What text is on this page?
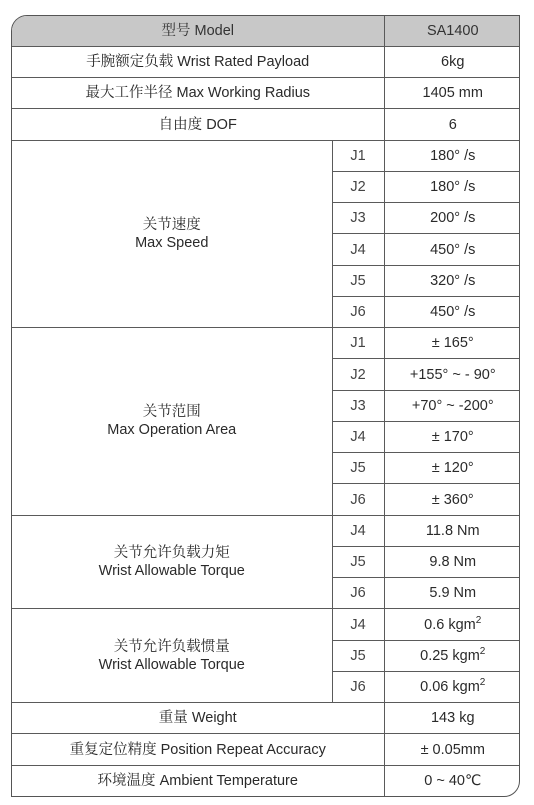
型号 Model		SA1400
手腕额定负载 Wrist Rated Payload		6kg
最大工作半径 Max Working Radius		1405 mm
自由度 DOF		6

关节速度
Max Speed	J1	180° /s
	J2	180° /s
	J3	200° /s
	J4	450° /s
	J5	320° /s
	J6	450° /s

关节范围
Max Operation Area	J1	± 165°
	J2	+155° ~ - 90°
	J3	+70° ~ -200°
	J4	± 170°
	J5	± 120°
	J6	± 360°

关节允许负载力矩
Wrist Allowable Torque	J4	11.8 Nm
	J5	9.8 Nm
	J6	5.9 Nm

关节允许负载惯量
Wrist Allowable Torque	J4	0.6 kgm$^2$
	J5	0.25 kgm$^2$
	J6	0.06 kgm$^2$
重量 Weight		143 kg
重复定位精度 Position Repeat Accuracy		± 0.05mm
环境温度 Ambient Temperature		0 ~ 40℃
